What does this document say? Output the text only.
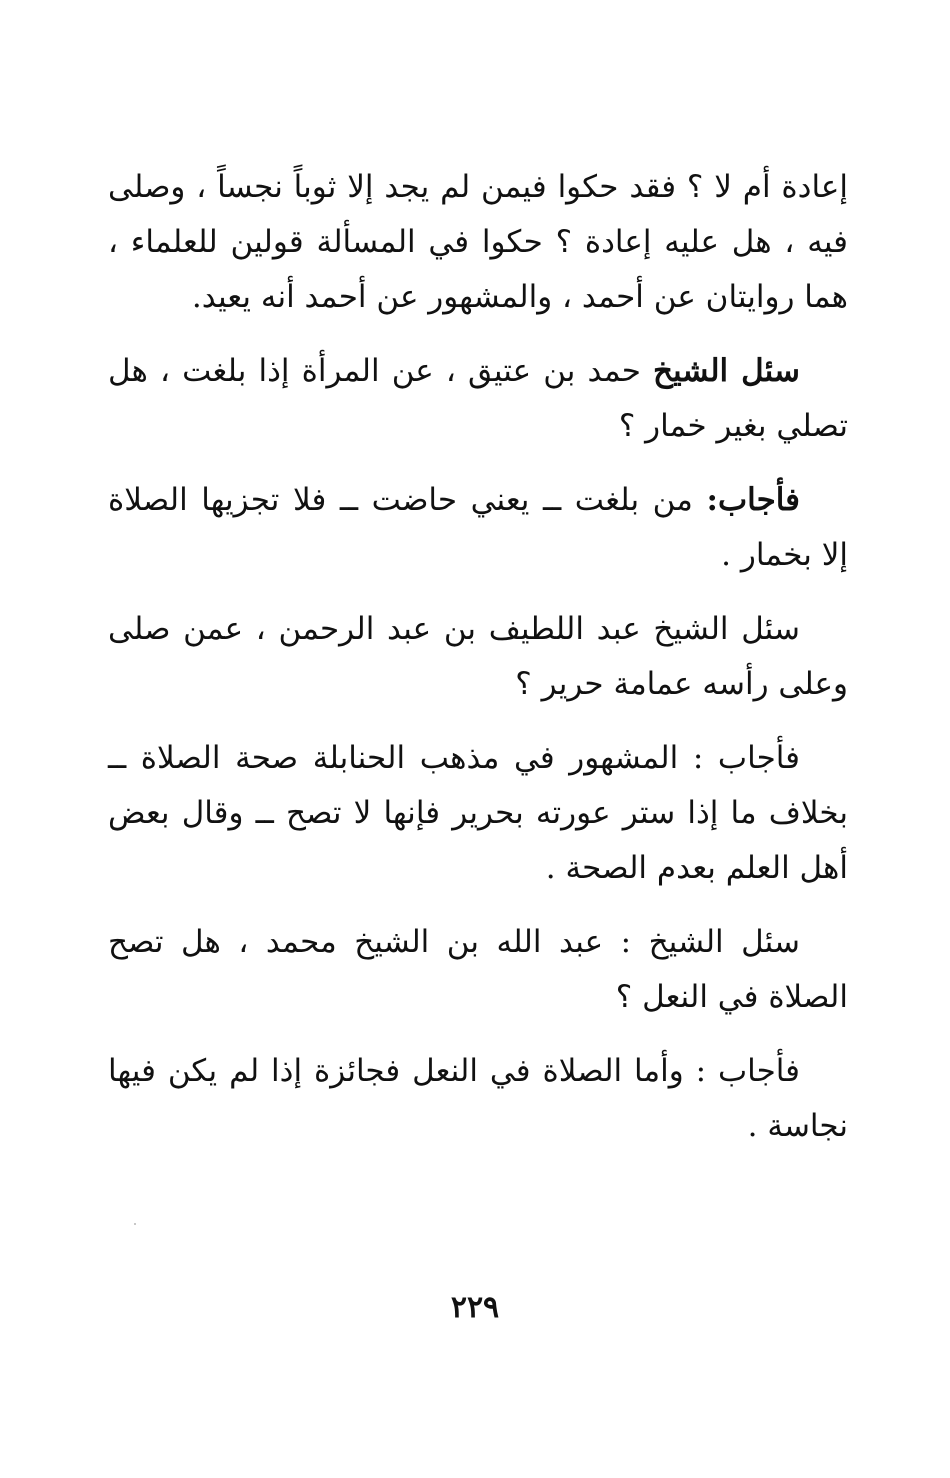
إعادة أم لا ؟ فقد حكوا فيمن لم يجد إلا ثوباً نجساً ، وصلى فيه ، هل عليه إعادة ؟ حكوا في المسألة قولين للعلماء ، هما روايتان عن أحمد ، والمشهور عن أحمد أنه يعيد.

سئل الشيخ حمد بن عتيق ، عن المرأة إذا بلغت ، هل تصلي بغير خمار ؟

فأجاب: من بلغت ــ يعني حاضت ــ فلا تجزيها الصلاة إلا بخمار .

سئل الشيخ عبد اللطيف بن عبد الرحمن ، عمن صلى وعلى رأسه عمامة حرير ؟

فأجاب : المشهور في مذهب الحنابلة صحة الصلاة ــ بخلاف ما إذا ستر عورته بحرير فإنها لا تصح ــ وقال بعض أهل العلم بعدم الصحة .

سئل الشيخ : عبد الله بن الشيخ محمد ، هل تصح الصلاة في النعل ؟

فأجاب : وأما الصلاة في النعل فجائزة إذا لم يكن فيها نجاسة .

٢٢٩
